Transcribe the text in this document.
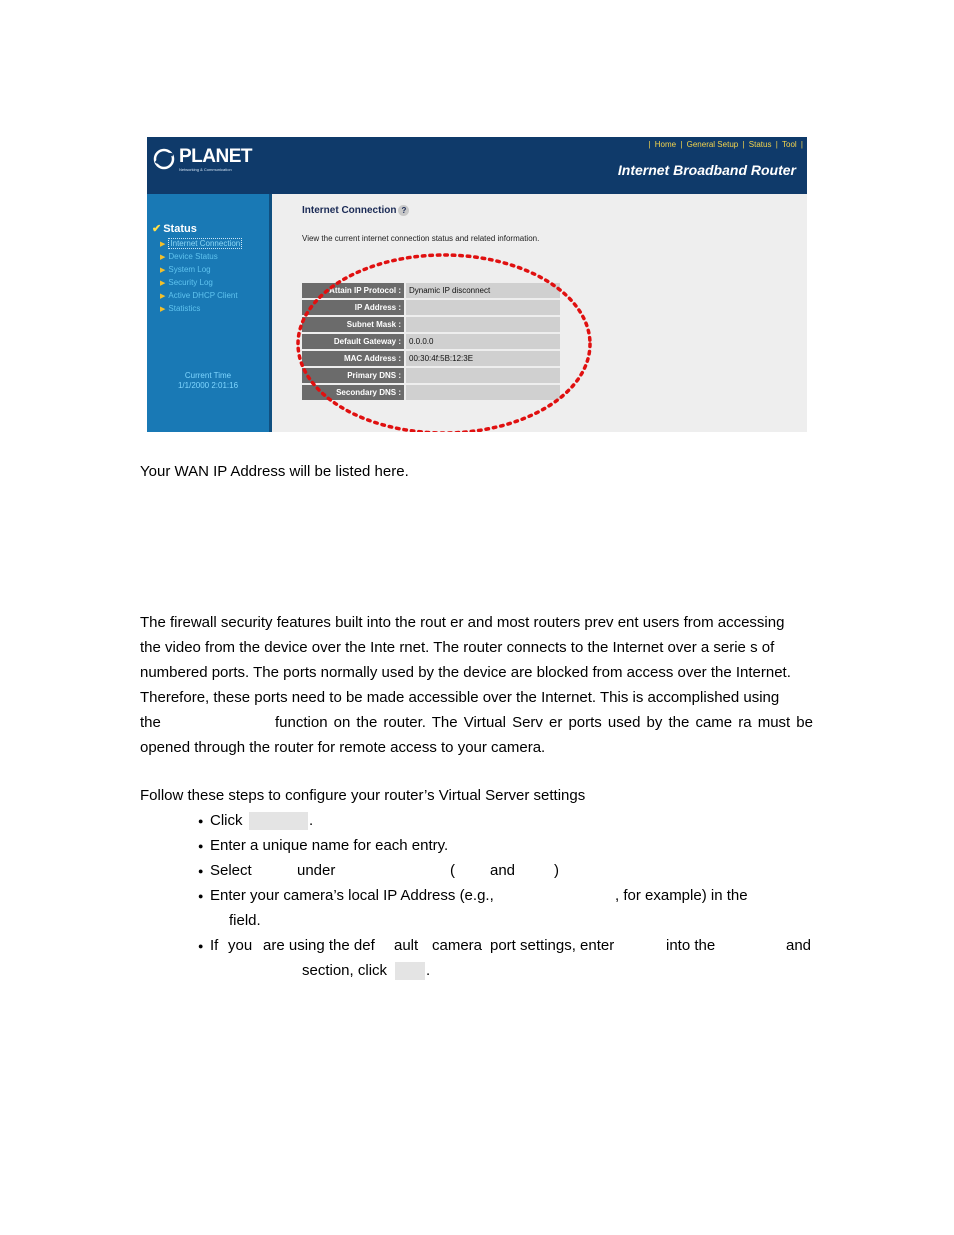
PLANET
Networking & Communication
| Home | General Setup | Status | Tool |
Internet Broadband Router
✔ Status
▶ Internet Connection
▶ Device Status
▶ System Log
▶ Security Log
▶ Active DHCP Client
▶ Statistics
Current Time
1/1/2000 2:01:16
Internet Connection ?
View the current internet connection status and related information.
Attain IP Protocol :	Dynamic IP disconnect
IP Address :	
Subnet Mask :	
Default Gateway :	0.0.0.0
MAC Address :	00:30:4f:5B:12:3E
Primary DNS :	
Secondary DNS :	
Your WAN IP Address will be listed here.
The firewall security features built into the rout er and most routers prev ent users from accessing
the video from the device over the Inte rnet. The router connects to the Internet over a serie s of
numbered ports. The ports normally used by the device are blocked from access over the Internet.
Therefore, these ports need to be made accessible over the Internet. This is accomplished using
the	function on the router. The Virtual Serv er ports used by the came ra must be
opened through the router for remote access to your camera.
Follow these steps to configure your router’s Virtual Server settings
● Click	.
● Enter a unique name for each entry.
● Select	under	( and	)
● Enter your camera’s local IP Address (e.g.,	, for example) in the
field.
● If you are using the def ault camera port settings, enter	into the	and
section, click	.
